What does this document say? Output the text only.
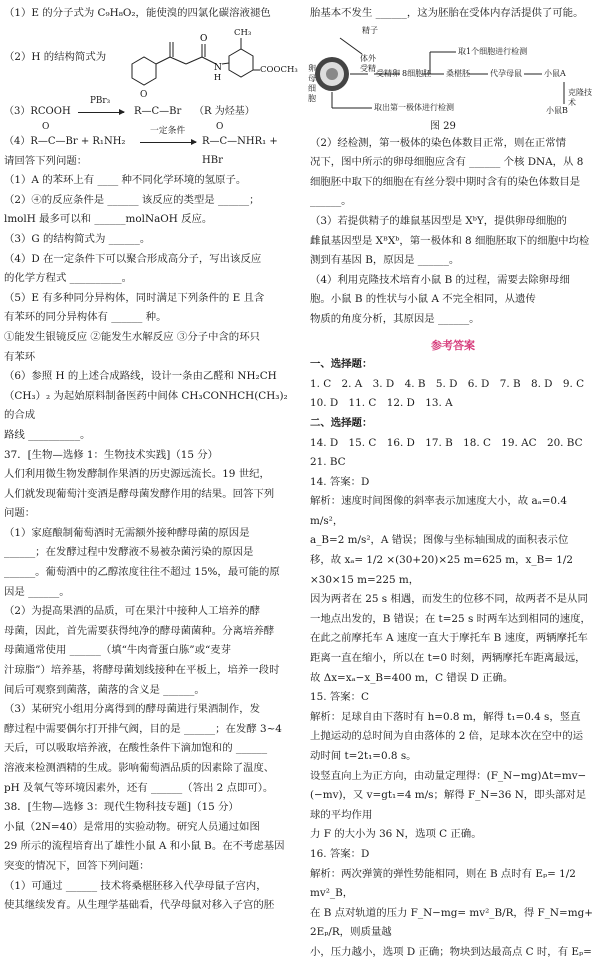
（1）E 的分子式为 C₉H₈O₂，能使溴的四氯化碳溶液褪色

（2）H 的结构简式为
O
N
H
CH₃
COOCH₃
（3）RCOOH
PBr₃
O
R—C—Br （R 为烃基）
O
（4）R—C—Br + R₁NH₂
一定条件	O
R—C—NHR₁ + HBr

请回答下列问题：

（1）A 的苯环上有 ____ 种不同化学环境的氢原子。

（2）④的反应条件是 ______ 该反应的类型是 ______；

lmolH 最多可以和 ______molNaOH 反应。

（3）G 的结构简式为 ______。

（4）D 在一定条件下可以聚合形成高分子，写出该反应

的化学方程式 __________。

（5）E 有多种同分异构体，同时满足下列条件的 E 且含

有苯环的同分异构体有 ______ 种。

①能发生银镜反应 ②能发生水解反应 ③分子中含的环只

有苯环

（6）参照 H 的上述合成路线，设计一条由乙醛和 NH₂CH

（CH₃）₂ 为起始原料制备医药中间体 CH₃CONHCH(CH₃)₂ 的合成

路线 __________。

37．[生物—选修 1：生物技术实践]（15 分）

人们利用微生物发酵制作果酒的历史源远流长。19 世纪，

人们就发现葡萄汁变酒是酵母菌发酵作用的结果。回答下列

问题：

（1）家庭酿制葡萄酒时无需额外接种酵母菌的原因是

______；在发酵过程中发酵液不易被杂菌污染的原因是

______。葡萄酒中的乙醇浓度往往不超过 15%，最可能的原

因是 ______。

（2）为提高果酒的品质，可在果汁中接种人工培养的酵

母菌，因此，首先需要获得纯净的酵母菌菌种。分离培养酵

母菌通常使用 ______（填“牛肉膏蛋白胨”或“麦芽

汁琼脂”）培养基，将酵母菌划线接种在平板上，培养一段时

间后可观察到菌落，菌落的含义是 ______。

（3）某研究小组用分离得到的酵母菌进行果酒制作，发

酵过程中需要偶尔打开排气阀，目的是 ______；在发酵 3~4

天后，可以吸取培养液，在酸性条件下滴加饱和的 ______

溶液来检测酒精的生成。影响葡萄酒品质的因素除了温度、

pH 及氧气等环境因素外，还有 ______（答出 2 点即可）。

38．[生物—选修 3：现代生物科技专题]（15 分）

小鼠（2N=40）是常用的实验动物。研究人员通过如图

29 所示的流程培育出了雄性小鼠 A 和小鼠 B。在不考虑基因

突变的情况下，回答下列问题：

（1）可通过 ______ 技术将桑椹胚移入代孕母鼠子宫内，

使其继续发育。从生理学基础看，代孕母鼠对移入子宫的胚

胎基本不发生 ______，这为胚胎在受体内存活提供了可能。

精子
体外受精
卵母细胞
受精卵 8细胞胚 桑椹胚	代孕母鼠	小鼠A
取1个细胞进行检测
克隆技术
小鼠B
取出第一极体进行检测
图 29

（2）经检测，第一极体的染色体数目正常，则在正常情

况下，图中所示的卵母细胞应含有 ______ 个核 DNA，从 8

细胞胚中取下的细胞在有丝分裂中期时含有的染色体数目是

______。

（3）若提供精子的雄鼠基因型是 XᵇY，提供卵母细胞的

雌鼠基因型是 XᴮXᵇ，第一极体和 8 细胞胚取下的细胞中均检

测到有基因 B，原因是 ______。

（4）利用克隆技术培育小鼠 B 的过程，需要去除卵母细

胞。小鼠 B 的性状与小鼠 A 不完全相同，从遗传

物质的角度分析，其原因是 ______。

参考答案

一、选择题：

1. C　2. A　3. D　4. B　5. D　6. D　7. B　8. D　9. C

10. D　11. C　12. D　13. A

二、选择题：

14. D　15. C　16. D　17. B　18. C　19. AC　20. BC　21. BC

14. 答案：D

解析：速度时间图像的斜率表示加速度大小，故 aₐ=0.4 m/s²，

a_B=2 m/s²，A 错误；图像与坐标轴围成的面积表示位

移，故 xₐ= 1/2 ×(30+20)×25 m=625 m，x_B= 1/2 ×30×15 m=225 m，

因为两者在 25 s 相遇，而发生的位移不同，故两者不是从同

一地点出发的，B 错误；在 t=25 s 时两车达到相同的速度，

在此之前摩托车 A 速度一直大于摩托车 B 速度，两辆摩托车

距离一直在缩小，所以在 t=0 时刻，两辆摩托车距离最远，

故 Δx=xₐ−x_B=400 m，C 错误 D 正确。

15. 答案：C

解析：足球自由下落时有 h=0.8 m，解得 t₁=0.4 s，竖直

上抛运动的总时间为自由落体的 2 倍，足球本次在空中的运

动时间 t=2t₁=0.8 s。

设竖直向上为正方向，由动量定理得：(F_N−mg)Δt=mv−

(−mv)，又 v=gt₁=4 m/s；解得 F_N=36 N，即头部对足球的平均作用

力 F 的大小为 36 N，选项 C 正确。

16. 答案：D

解析：两次弹簧的弹性势能相同，则在 B 点时有 Eₚ= 1/2 mv²_B，

在 B 点对轨道的压力 F_N−mg= mv²_B/R，得 F_N=mg+ 2Eₚ/R，则质量越

小，压力越小，选项 D 正确；物块到达最高点 C 时，有 Eₚ=
